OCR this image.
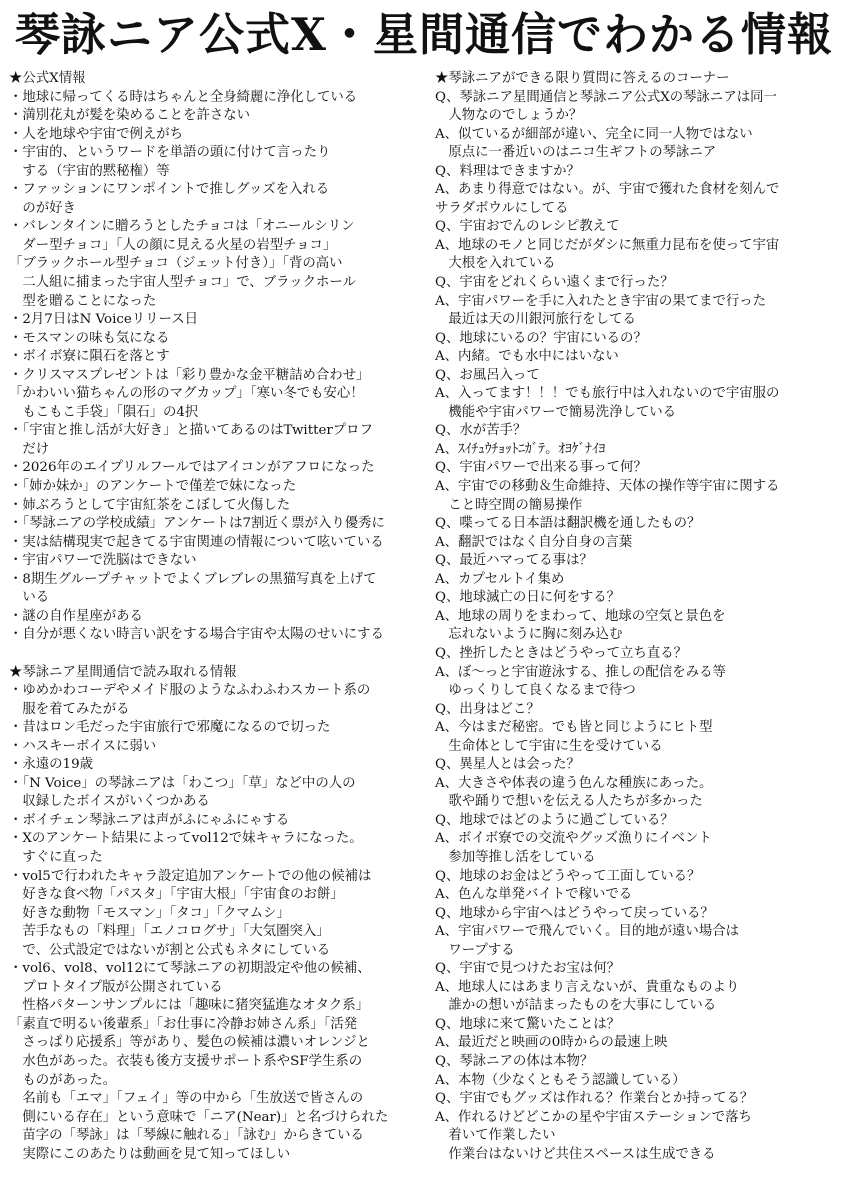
琴詠ニア公式X・星間通信でわかる情報
★公式X情報
・地球に帰ってくる時はちゃんと全身綺麗に浄化している
・満別花丸が髪を染めることを許さない
・人を地球や宇宙で例えがち
・宇宙的、というワードを単語の頭に付けて言ったり
　する（宇宙的黙秘権）等
・ファッションにワンポイントで推しグッズを入れる
　のが好き
・バレンタインに贈ろうとしたチョコは「オニールシリン
　ダー型チョコ」「人の顔に見える火星の岩型チョコ」
「ブラックホール型チョコ（ジェット付き）」「背の高い
　二人組に捕まった宇宙人型チョコ」で、ブラックホール
　型を贈ることになった
・2月7日はN Voiceリリース日
・モスマンの味も気になる
・ボイボ寮に隕石を落とす
・クリスマスプレゼントは「彩り豊かな金平糖詰め合わせ」
「かわいい猫ちゃんの形のマグカップ」「寒い冬でも安心！
　もこもこ手袋」「隕石」の4択
・「宇宙と推し活が大好き」と描いてあるのはTwitterプロフ
　だけ
・2026年のエイプリルフールではアイコンがアフロになった
・「姉か妹か」のアンケートで僅差で妹になった
・姉ぶろうとして宇宙紅茶をこぼして火傷した
・「琴詠ニアの学校成績」アンケートは7割近く票が入り優秀に
・実は結構現実で起きてる宇宙関連の情報について呟いている
・宇宙パワーで洗脳はできない
・8期生グループチャットでよくブレブレの黒猫写真を上げて
　いる
・謎の自作星座がある
・自分が悪くない時言い訳をする場合宇宙や太陽のせいにする
★琴詠ニア星間通信で読み取れる情報
・ゆめかわコーデやメイド服のようなふわふわスカート系の
　服を着てみたがる
・昔はロン毛だった宇宙旅行で邪魔になるので切った
・ハスキーボイスに弱い
・永遠の19歳
・「N Voice」の琴詠ニアは「わこつ」「草」など中の人の
　収録したボイスがいくつかある
・ボイチェン琴詠ニアは声がふにゃふにゃする
・Xのアンケート結果によってvol12で妹キャラになった。
　すぐに直った
・vol5で行われたキャラ設定追加アンケートでの他の候補は
　好きな食べ物「パスタ」「宇宙大根」「宇宙食のお餅」
　好きな動物「モスマン」「タコ」「クマムシ」
　苦手なもの「料理」「エノコログサ」「大気圏突入」
　で、公式設定ではないが割と公式もネタにしている
・vol6、vol8、vol12にて琴詠ニアの初期設定や他の候補、
　プロトタイプ版が公開されている
　性格パターンサンプルには「趣味に猪突猛進なオタク系」
「素直で明るい後輩系」「お仕事に冷静お姉さん系」「活発
　さっぱり応援系」等があり、髪色の候補は濃いオレンジと
　水色があった。衣装も後方支援サポート系やSF学生系の
　ものがあった。
　名前も「エマ」「フェイ」等の中から「生放送で皆さんの
　側にいる存在」という意味で「ニア(Near)」と名づけられた
　苗字の「琴詠」は「琴線に触れる」「詠む」からきている
　実際にこのあたりは動画を見て知ってほしい
★琴詠ニアができる限り質問に答えるのコーナー
Q、琴詠ニア星間通信と琴詠ニア公式Xの琴詠ニアは同一
　人物なのでしょうか？
A、似ているが細部が違い、完全に同一人物ではない
　原点に一番近いのはニコ生ギフトの琴詠ニア
Q、料理はできますか？
A、あまり得意ではない。が、宇宙で獲れた食材を刻んで
サラダボウルにしてる
Q、宇宙おでんのレシピ教えて
A、地球のモノと同じだがダシに無重力昆布を使って宇宙
　大根を入れている
Q、宇宙をどれくらい遠くまで行った？
A、宇宙パワーを手に入れたとき宇宙の果てまで行った
　最近は天の川銀河旅行をしてる
Q、地球にいるの？宇宙にいるの？
A、内緒。でも水中にはいない
Q、お風呂入って
A、入ってます！！！でも旅行中は入れないので宇宙服の
　機能や宇宙パワーで簡易洗浄している
Q、水が苦手？
A、ｽｲﾁｭｳﾁｮｯﾄﾆｶﾞﾃ。ｵﾖｹﾞﾅｲﾖ
Q、宇宙パワーで出来る事って何？
A、宇宙での移動＆生命維持、天体の操作等宇宙に関する
　こと時空間の簡易操作
Q、喋ってる日本語は翻訳機を通したもの？
A、翻訳ではなく自分自身の言葉
Q、最近ハマってる事は？
A、カプセルトイ集め
Q、地球滅亡の日に何をする？
A、地球の周りをまわって、地球の空気と景色を
　忘れないように胸に刻み込む
Q、挫折したときはどうやって立ち直る？
A、ぼ〜っと宇宙遊泳する、推しの配信をみる等
　ゆっくりして良くなるまで待つ
Q、出身はどこ？
A、今はまだ秘密。でも皆と同じようにヒト型
　生命体として宇宙に生を受けている
Q、異星人とは会った？
A、大きさや体表の違う色んな種族にあった。
　歌や踊りで想いを伝える人たちが多かった
Q、地球ではどのように過ごしている？
A、ボイボ寮での交流やグッズ漁りにイベント
　参加等推し活をしている
Q、地球のお金はどうやって工面している？
A、色んな単発バイトで稼いでる
Q、地球から宇宙へはどうやって戻っている？
A、宇宙パワーで飛んでいく。目的地が遠い場合は
　ワープする
Q、宇宙で見つけたお宝は何？
A、地球人にはあまり言えないが、貴重なものより
　誰かの想いが詰まったものを大事にしている
Q、地球に来て驚いたことは？
A、最近だと映画の0時からの最速上映
Q、琴詠ニアの体は本物？
A、本物（少なくともそう認識している）
Q、宇宙でもグッズは作れる？作業台とか持ってる？
A、作れるけどどこかの星や宇宙ステーションで落ち
　着いて作業したい
　作業台はないけど共住スペースは生成できる
